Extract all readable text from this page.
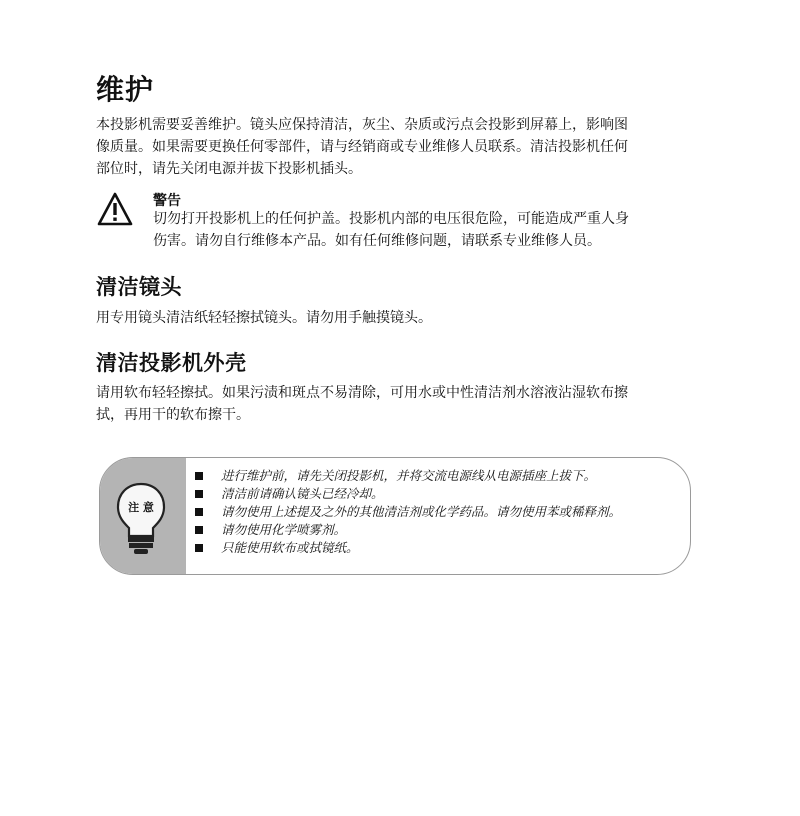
维护

本投影机需要妥善维护。镜头应保持清洁，灰尘、杂质或污点会投影到屏幕上，影响图
像质量。如果需要更换任何零部件，请与经销商或专业维修人员联系。清洁投影机任何
部位时，请先关闭电源并拔下投影机插头。

警告

切勿打开投影机上的任何护盖。投影机内部的电压很危险，可能造成严重人身
伤害。请勿自行维修本产品。如有任何维修问题，请联系专业维修人员。

清洁镜头

用专用镜头清洁纸轻轻擦拭镜头。请勿用手触摸镜头。

清洁投影机外壳

请用软布轻轻擦拭。如果污渍和斑点不易清除，可用水或中性清洁剂水溶液沾湿软布擦
拭，再用干的软布擦干。

注 意
进行维护前，请先关闭投影机，并将交流电源线从电源插座上拔下。
清洁前请确认镜头已经冷却。
请勿使用上述提及之外的其他清洁剂或化学药品。请勿使用苯或稀释剂。
请勿使用化学喷雾剂。
只能使用软布或拭镜纸。
